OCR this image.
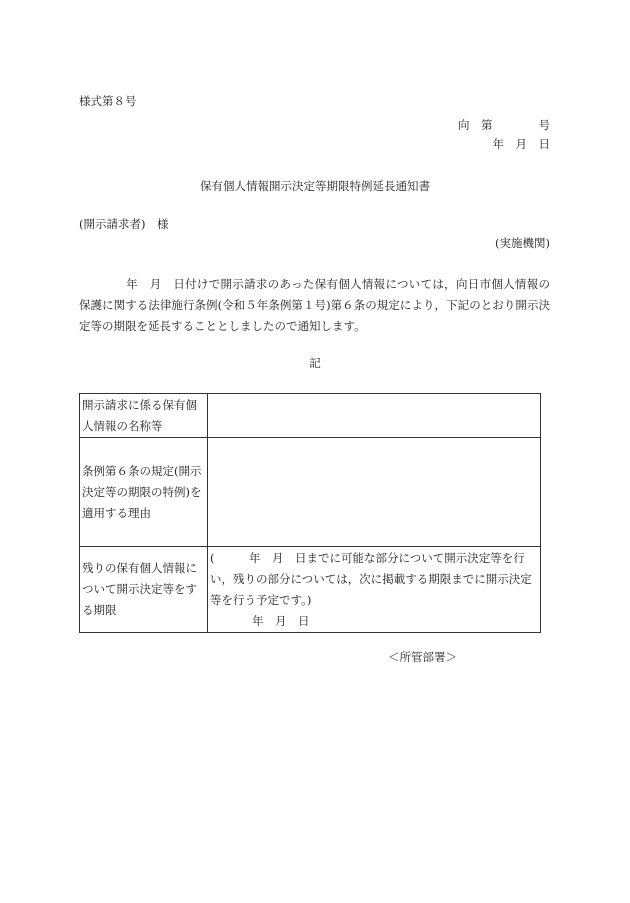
様式第８号
向　第　　　　号
年　月　日
保有個人情報開示決定等期限特例延長通知書
(開示請求者)　様
(実施機関)
　　　　年　月　日付けで開示請求のあった保有個人情報については，向日市個人情報の保護に関する法律施行条例(令和５年条例第１号)第６条の規定により，下記のとおり開示決定等の期限を延長することとしましたので通知します。
記
開示請求に係る保有個人情報の名称等	
条例第６条の規定(開示決定等の期限の特例)を適用する理由	
残りの保有個人情報について開示決定等をする期限	(　　　年　月　日までに可能な部分について開示決定等を行い，残りの部分については，次に掲載する期限までに開示決定等を行う予定です。)
年　月　日
＜所管部署＞
